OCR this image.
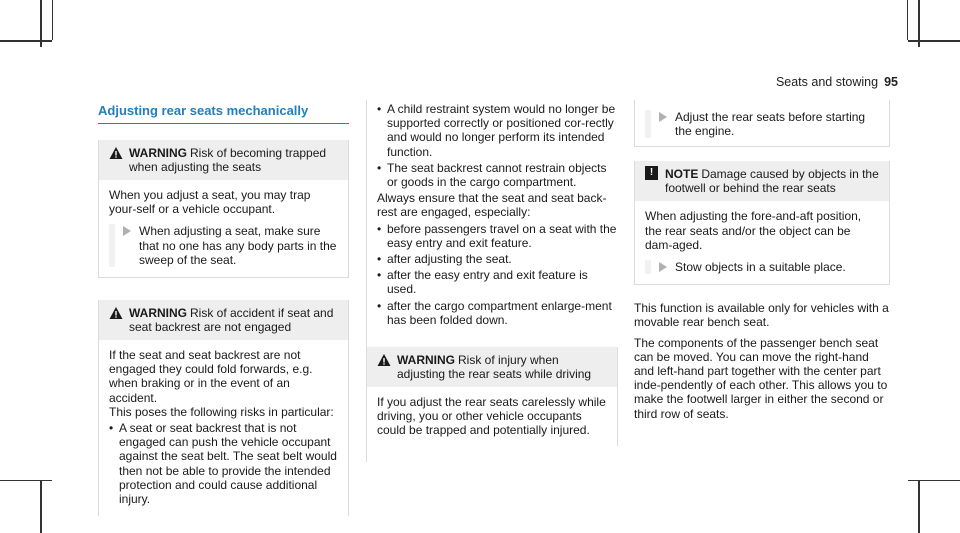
Seats and stowing 95
Adjusting rear seats mechanically
WARNING Risk of becoming trapped when adjusting the seats

When you adjust a seat, you may trap your-self or a vehicle occupant.

When adjusting a seat, make sure that no one has any body parts in the sweep of the seat.
WARNING Risk of accident if seat and seat backrest are not engaged

If the seat and seat backrest are not engaged they could fold forwards, e.g. when braking or in the event of an accident.

This poses the following risks in particular:

• A seat or seat backrest that is not engaged can push the vehicle occupant against the seat belt. The seat belt would then not be able to provide the intended protection and could cause additional injury.
• A child restraint system would no longer be supported correctly or positioned cor-rectly and would no longer perform its intended function.
• The seat backrest cannot restrain objects or goods in the cargo compartment.

Always ensure that the seat and seat back-rest are engaged, especially:

• before passengers travel on a seat with the easy entry and exit feature.
• after adjusting the seat.
• after the easy entry and exit feature is used.
• after the cargo compartment enlarge-ment has been folded down.
WARNING Risk of injury when adjusting the rear seats while driving

If you adjust the rear seats carelessly while driving, you or other vehicle occupants could be trapped and potentially injured.

Adjust the rear seats before starting the engine.
! NOTE Damage caused by objects in the footwell or behind the rear seats

When adjusting the fore-and-aft position, the rear seats and/or the object can be dam-aged.

Stow objects in a suitable place.

This function is available only for vehicles with a movable rear bench seat.

The components of the passenger bench seat can be moved. You can move the right-hand and left-hand part together with the center part inde-pendently of each other. This allows you to make the footwell larger in either the second or third row of seats.
